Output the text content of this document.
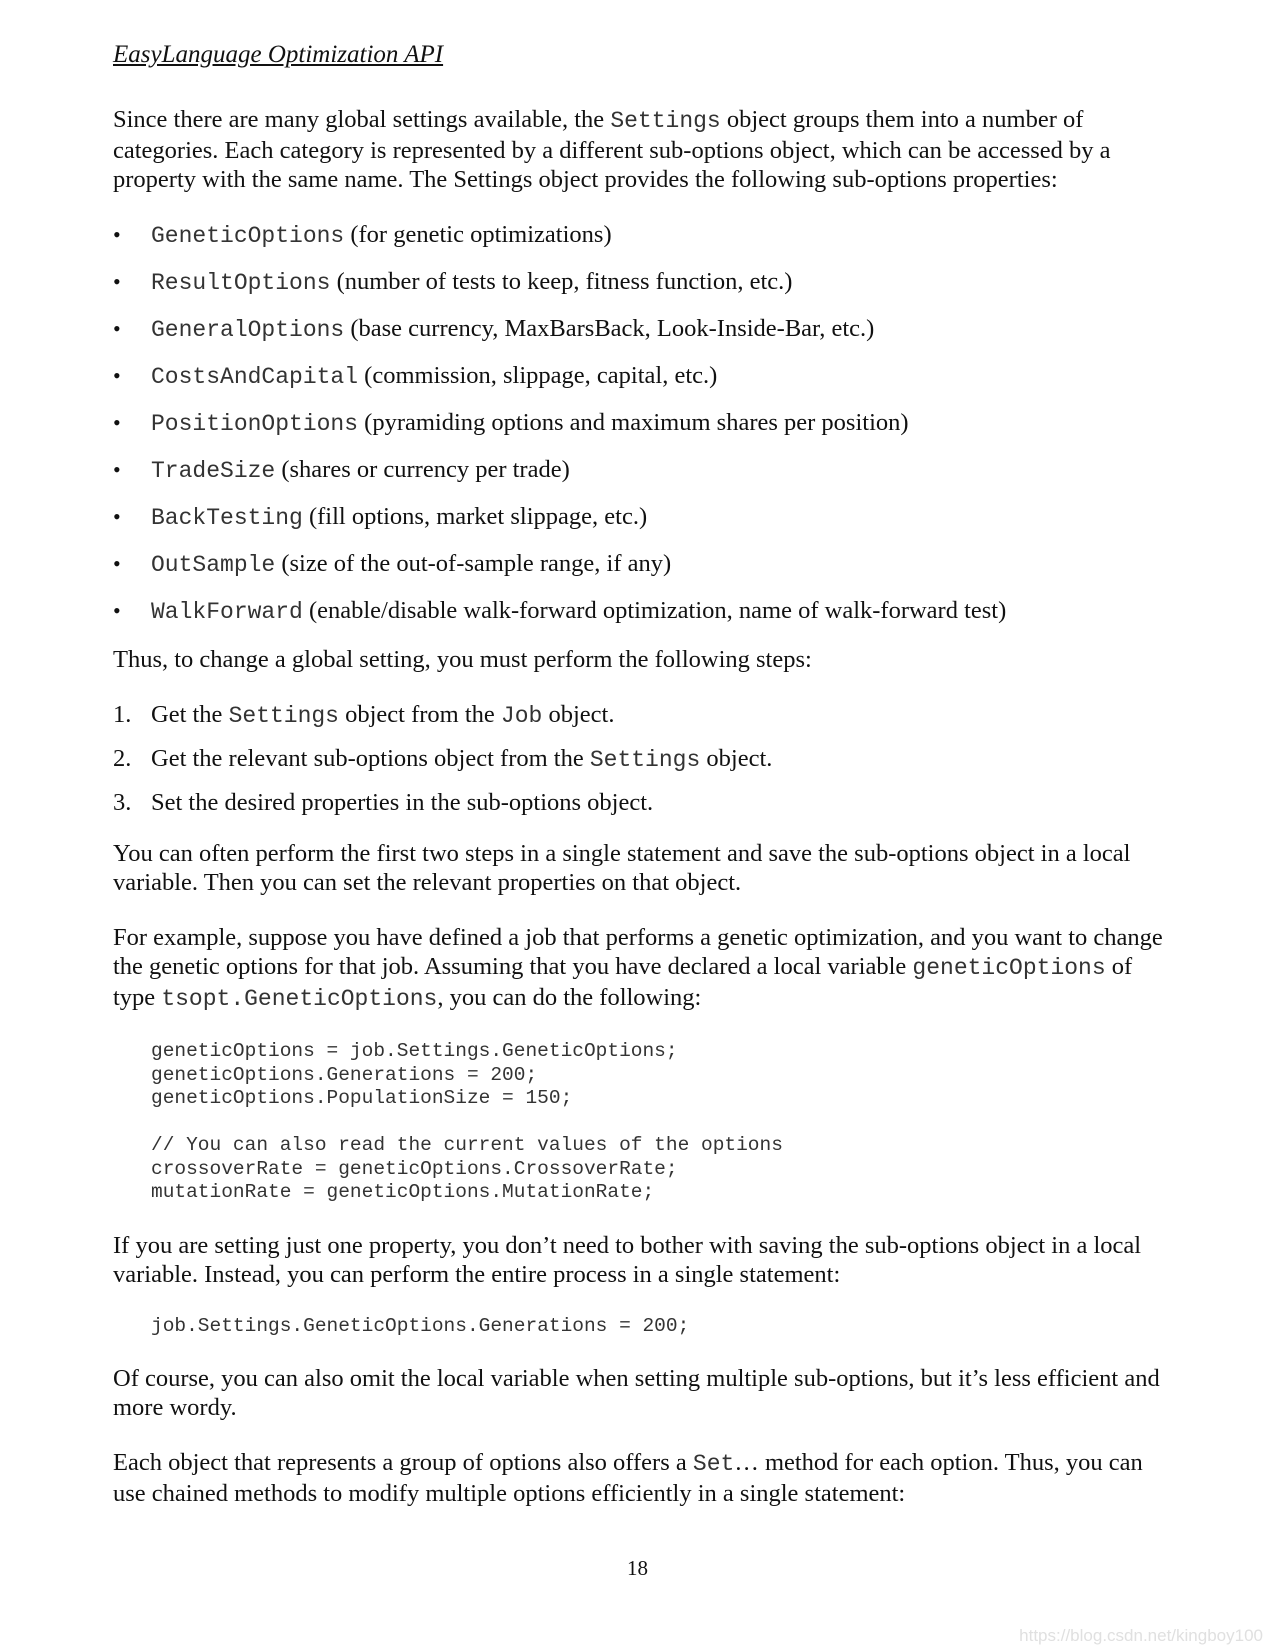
EasyLanguage Optimization API

Since there are many global settings available, the Settings object groups them into a number of categories. Each category is represented by a different sub-options object, which can be accessed by a property with the same name. The Settings object provides the following sub-options properties:

• GeneticOptions (for genetic optimizations)
• ResultOptions (number of tests to keep, fitness function, etc.)
• GeneralOptions (base currency, MaxBarsBack, Look-Inside-Bar, etc.)
• CostsAndCapital (commission, slippage, capital, etc.)
• PositionOptions (pyramiding options and maximum shares per position)
• TradeSize (shares or currency per trade)
• BackTesting (fill options, market slippage, etc.)
• OutSample (size of the out-of-sample range, if any)
• WalkForward (enable/disable walk-forward optimization, name of walk-forward test)

Thus, to change a global setting, you must perform the following steps:

1. Get the Settings object from the Job object.
2. Get the relevant sub-options object from the Settings object.
3. Set the desired properties in the sub-options object.

You can often perform the first two steps in a single statement and save the sub-options object in a local variable. Then you can set the relevant properties on that object.

For example, suppose you have defined a job that performs a genetic optimization, and you want to change the genetic options for that job. Assuming that you have declared a local variable geneticOptions of type tsopt.GeneticOptions, you can do the following:

geneticOptions = job.Settings.GeneticOptions;
geneticOptions.Generations = 200;
geneticOptions.PopulationSize = 150;

// You can also read the current values of the options
crossoverRate = geneticOptions.CrossoverRate;
mutationRate = geneticOptions.MutationRate;

If you are setting just one property, you don’t need to bother with saving the sub-options object in a local variable. Instead, you can perform the entire process in a single statement:

job.Settings.GeneticOptions.Generations = 200;

Of course, you can also omit the local variable when setting multiple sub-options, but it’s less efficient and more wordy.

Each object that represents a group of options also offers a Set… method for each option. Thus, you can use chained methods to modify multiple options efficiently in a single statement:

18
https://blog.csdn.net/kingboy100
